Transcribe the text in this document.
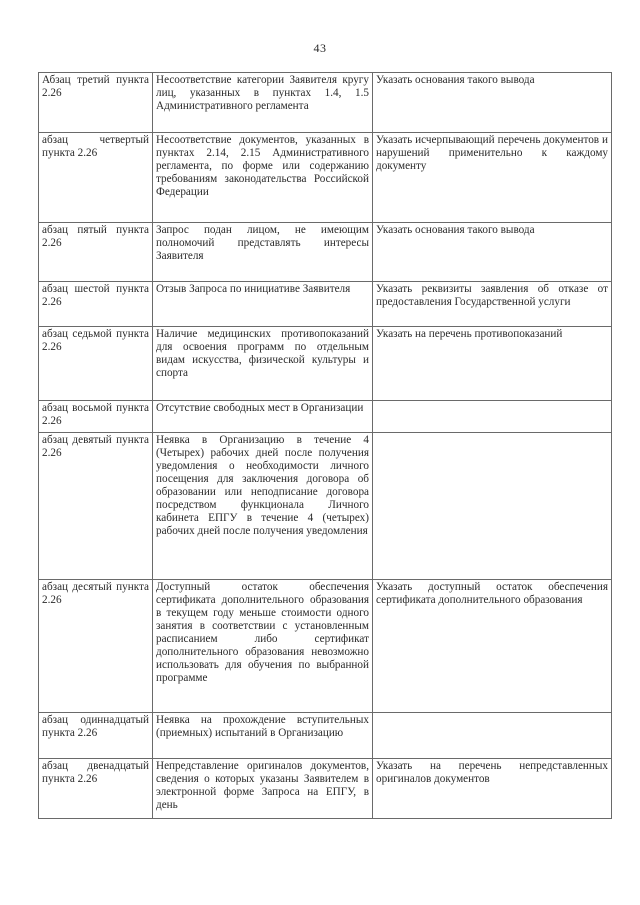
43
Абзац третий пункта 2.26	Несоответствие категории Заявителя кругу лиц, указанных в пунктах 1.4, 1.5 Административного регламента	Указать основания такого вывода

абзац четвертый пункта 2.26	Несоответствие документов, указанных в пунктах 2.14, 2.15 Административного регламента, по форме или содержанию требованиям законодательства Российской Федерации	Указать исчерпывающий перечень документов и нарушений применительно к каждому документу

абзац пятый пункта 2.26	Запрос подан лицом, не имеющим полномочий представлять интересы Заявителя	Указать основания такого вывода

абзац шестой пункта 2.26	Отзыв Запроса по инициативе Заявителя	Указать реквизиты заявления об отказе от предоставления Государственной услуги

абзац седьмой пункта 2.26	Наличие медицинских противопоказаний для освоения программ по отдельным видам искусства, физической культуры и спорта	Указать на перечень противопоказаний

абзац восьмой пункта 2.26	Отсутствие свободных мест в Организации	

абзац девятый пункта 2.26	Неявка в Организацию в течение 4 (Четырех) рабочих дней после получения уведомления о необходимости личного посещения для заключения договора об образовании или неподписание договора посредством функционала Личного кабинета ЕПГУ в течение 4 (четырех) рабочих дней после получения уведомления	

абзац десятый пункта 2.26	Доступный остаток обеспечения сертификата дополнительного образования в текущем году меньше стоимости одного занятия в соответствии с установленным расписанием либо сертификат дополнительного образования невозможно использовать для обучения по выбранной программе	Указать доступный остаток обеспечения сертификата дополнительного образования

абзац одиннадцатый пункта 2.26	Неявка на прохождение вступительных (приемных) испытаний в Организацию	

абзац двенадцатый пункта 2.26	Непредставление оригиналов документов, сведения о которых указаны Заявителем в электронной форме Запроса на ЕПГУ, в день	Указать на перечень непредставленных оригиналов документов
